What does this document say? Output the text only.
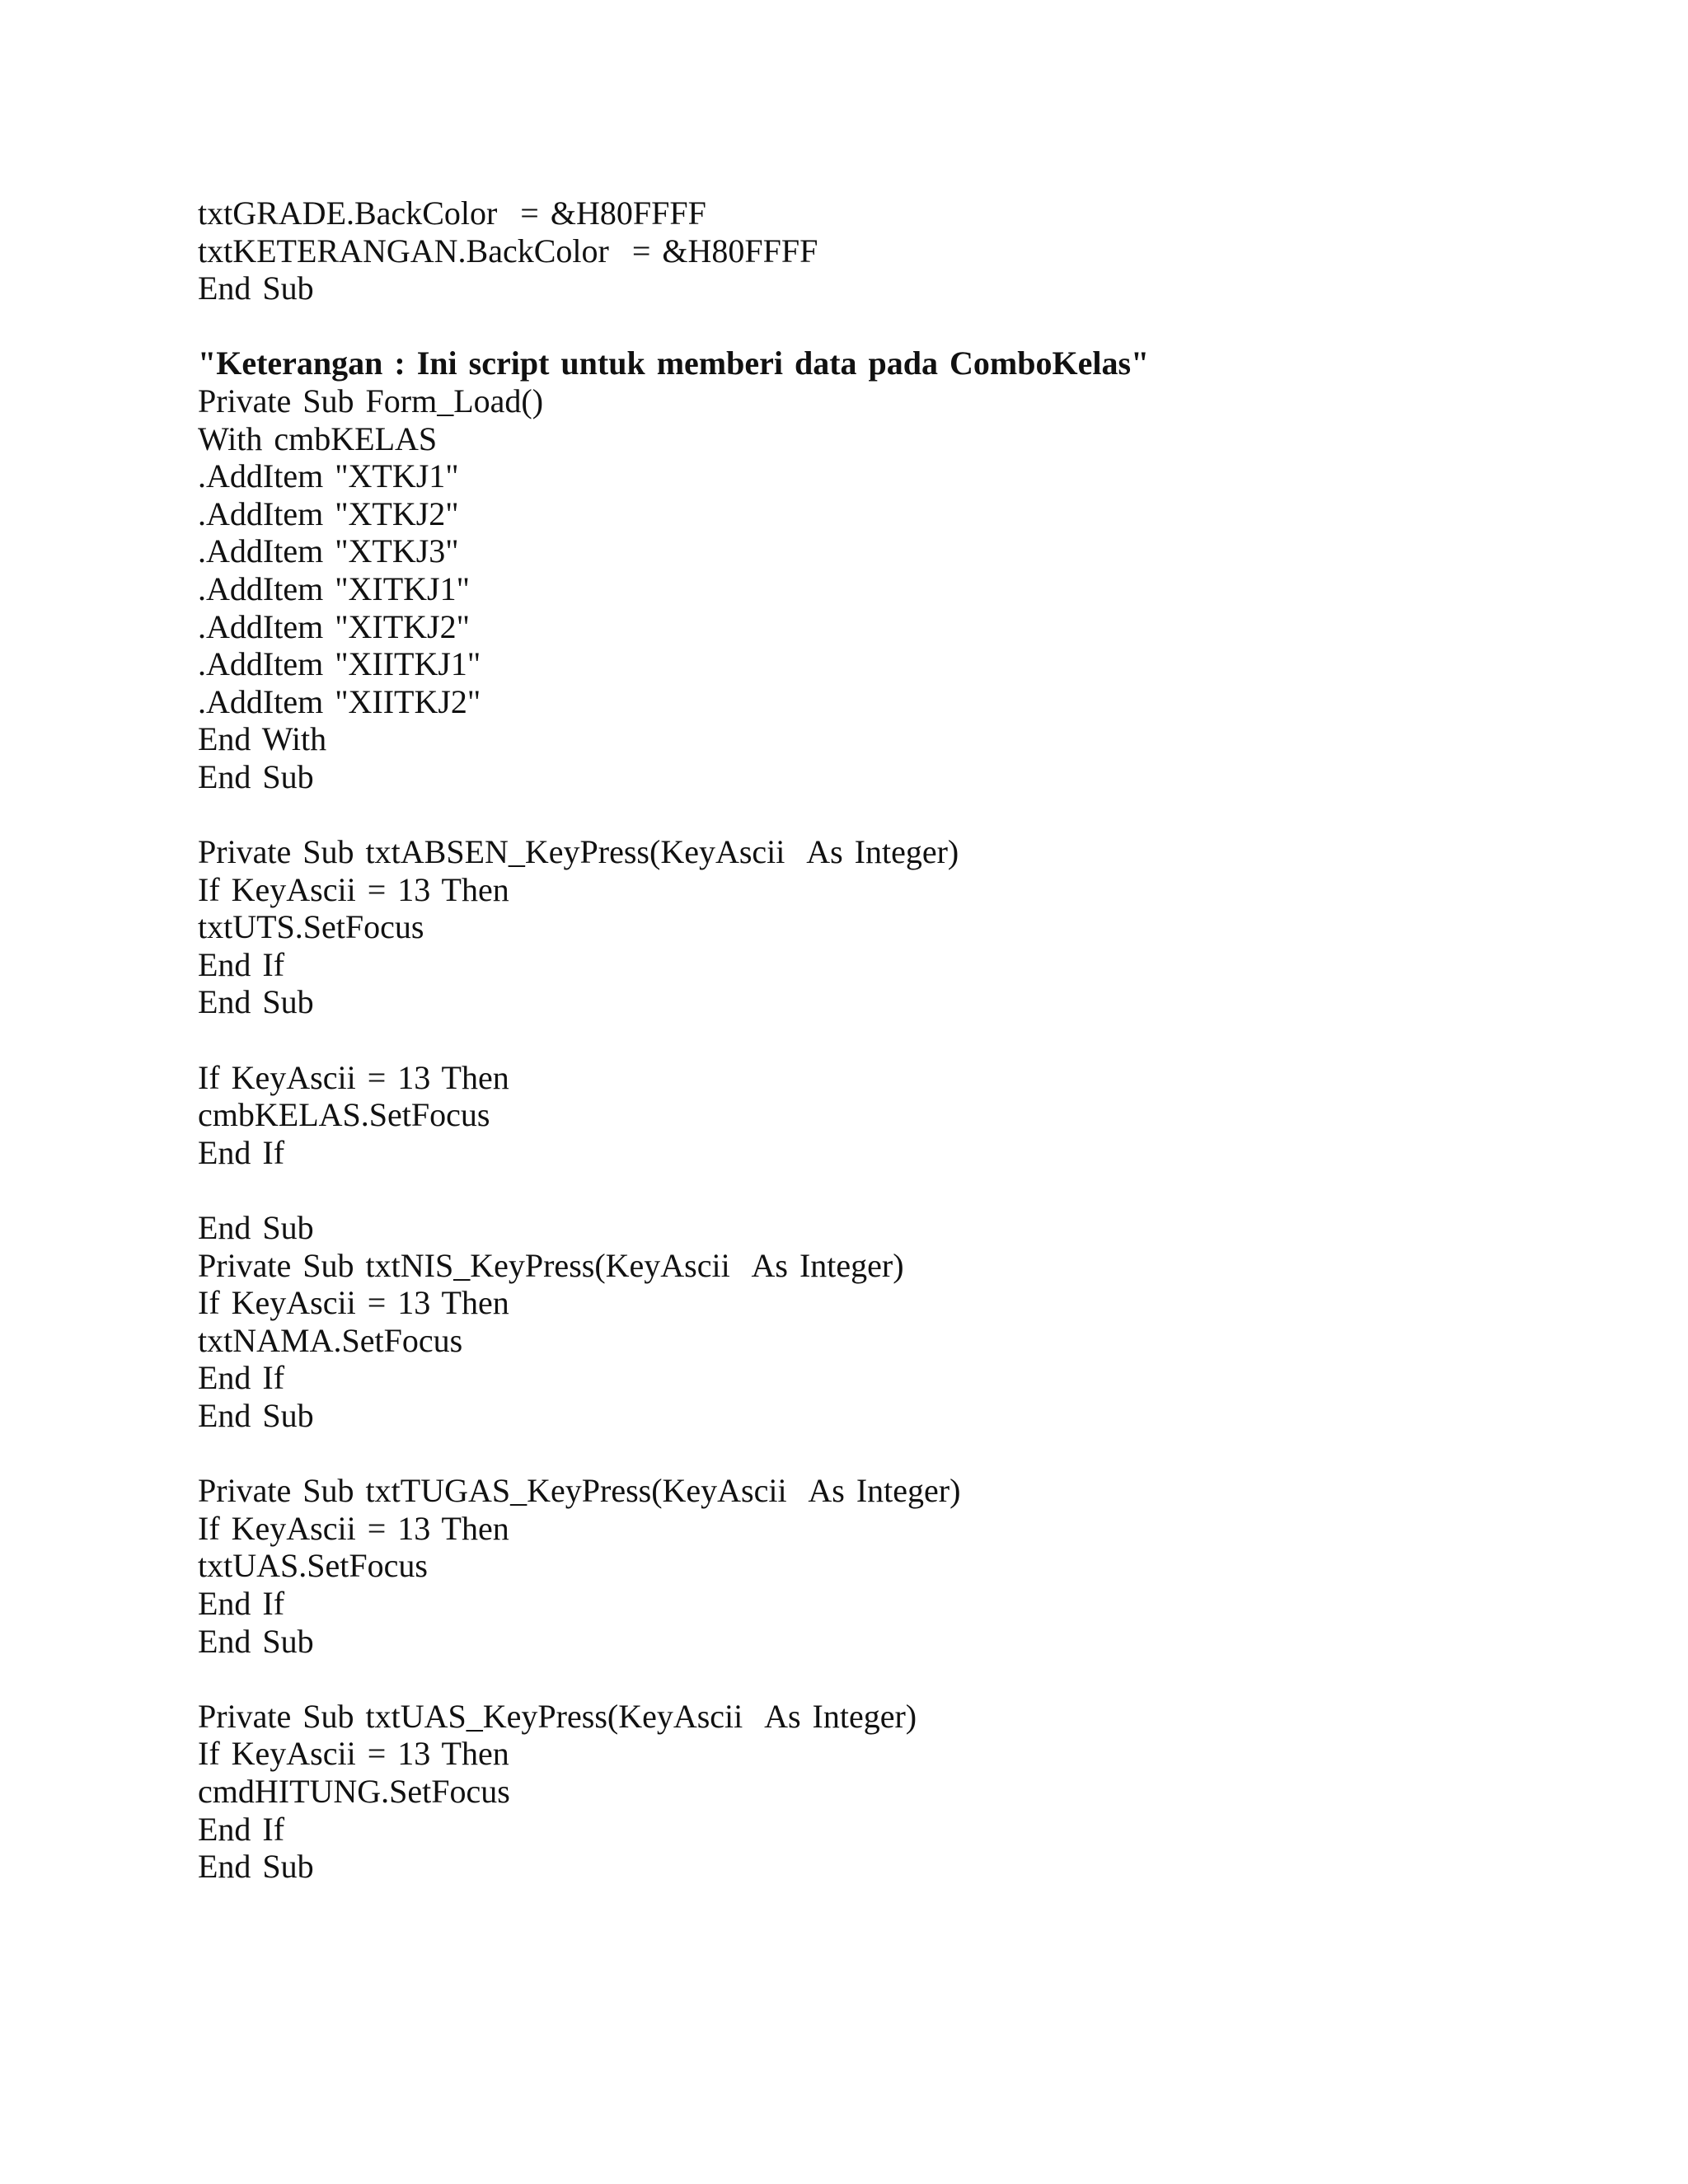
txtGRADE.BackColor  = &H80FFFF
txtKETERANGAN.BackColor  = &H80FFFF
End Sub
"Keterangan : Ini script untuk memberi data pada ComboKelas"
Private Sub Form_Load()
With cmbKELAS
.AddItem "XTKJ1"
.AddItem "XTKJ2"
.AddItem "XTKJ3"
.AddItem "XITKJ1"
.AddItem "XITKJ2"
.AddItem "XIITKJ1"
.AddItem "XIITKJ2"
End With
End Sub
Private Sub txtABSEN_KeyPress(KeyAscii  As Integer)
If KeyAscii = 13 Then
txtUTS.SetFocus
End If
End Sub
If KeyAscii = 13 Then
cmbKELAS.SetFocus
End If
End Sub
Private Sub txtNIS_KeyPress(KeyAscii  As Integer)
If KeyAscii = 13 Then
txtNAMA.SetFocus
End If
End Sub
Private Sub txtTUGAS_KeyPress(KeyAscii  As Integer)
If KeyAscii = 13 Then
txtUAS.SetFocus
End If
End Sub
Private Sub txtUAS_KeyPress(KeyAscii  As Integer)
If KeyAscii = 13 Then
cmdHITUNG.SetFocus
End If
End Sub
